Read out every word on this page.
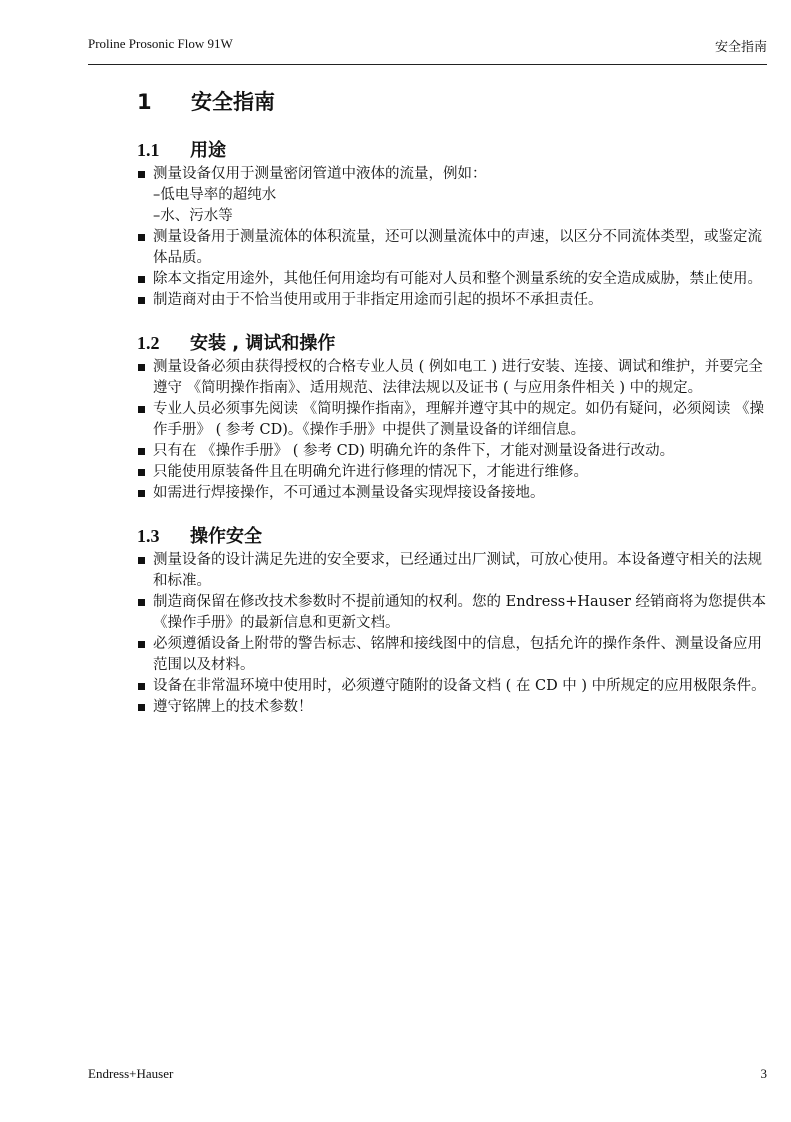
Proline Prosonic Flow 91W	安全指南
1	安全指南
1.1	用途
测量设备仅用于测量密闭管道中液体的流量，例如：
–低电导率的超纯水
–水、污水等
测量设备用于测量流体的体积流量，还可以测量流体中的声速，以区分不同流体类型，或鉴定流体品质。
除本文指定用途外，其他任何用途均有可能对人员和整个测量系统的安全造成威胁，禁止使用。
制造商对由于不恰当使用或用于非指定用途而引起的损坏不承担责任。
1.2	安装 , 调试和操作
测量设备必须由获得授权的合格专业人员 ( 例如电工 ) 进行安装、连接、调试和维护，并要完全遵守 《简明操作指南》、适用规范、法律法规以及证书 ( 与应用条件相关 ) 中的规定。
专业人员必须事先阅读 《简明操作指南》，理解并遵守其中的规定。如仍有疑问，必须阅读 《操作手册》 ( 参考 CD)。《操作手册》中提供了测量设备的详细信息。
只有在 《操作手册》 ( 参考 CD) 明确允许的条件下，才能对测量设备进行改动。
只能使用原装备件且在明确允许进行修理的情况下，才能进行维修。
如需进行焊接操作，不可通过本测量设备实现焊接设备接地。
1.3	操作安全
测量设备的设计满足先进的安全要求，已经通过出厂测试，可放心使用。本设备遵守相关的法规和标准。
制造商保留在修改技术参数时不提前通知的权利。您的 Endress+Hauser 经销商将为您提供本 《操作手册》的最新信息和更新文档。
必须遵循设备上附带的警告标志、铭牌和接线图中的信息，包括允许的操作条件、测量设备应用范围以及材料。
设备在非常温环境中使用时，必须遵守随附的设备文档 ( 在 CD 中 ) 中所规定的应用极限条件。
遵守铭牌上的技术参数！
Endress+Hauser	3
